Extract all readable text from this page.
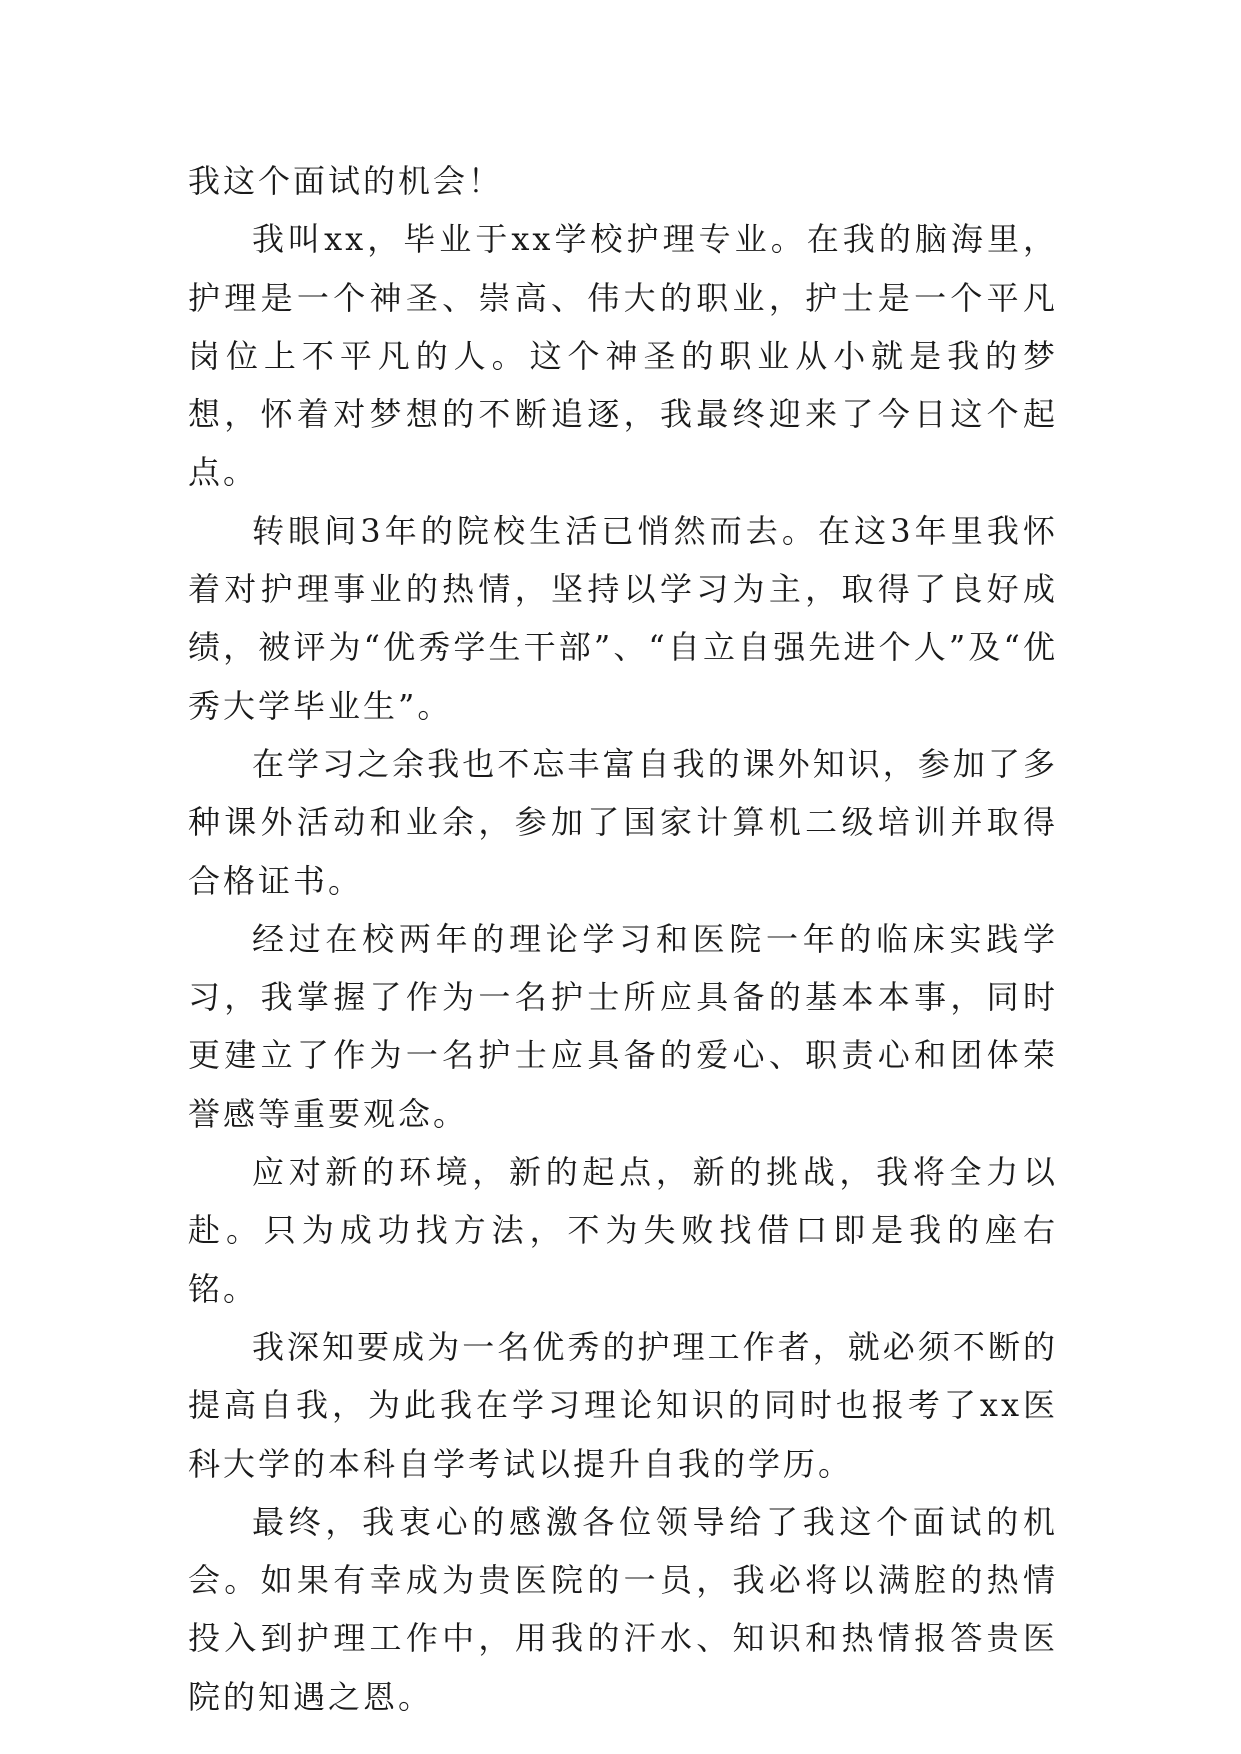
我这个面试的机会！

我叫xx，毕业于xx学校护理专业。在我的脑海里，护理是一个神圣、崇高、伟大的职业，护士是一个平凡岗位上不平凡的人。这个神圣的职业从小就是我的梦想，怀着对梦想的不断追逐，我最终迎来了今日这个起点。

转眼间3年的院校生活已悄然而去。在这3年里我怀着对护理事业的热情，坚持以学习为主，取得了良好成绩，被评为“优秀学生干部”、“自立自强先进个人”及“优秀大学毕业生”。

在学习之余我也不忘丰富自我的课外知识，参加了多种课外活动和业余，参加了国家计算机二级培训并取得合格证书。

经过在校两年的理论学习和医院一年的临床实践学习，我掌握了作为一名护士所应具备的基本本事，同时更建立了作为一名护士应具备的爱心、职责心和团体荣誉感等重要观念。

应对新的环境，新的起点，新的挑战，我将全力以赴。只为成功找方法，不为失败找借口即是我的座右铭。

我深知要成为一名优秀的护理工作者，就必须不断的提高自我，为此我在学习理论知识的同时也报考了xx医科大学的本科自学考试以提升自我的学历。

最终，我衷心的感激各位领导给了我这个面试的机会。如果有幸成为贵医院的一员，我必将以满腔的热情投入到护理工作中，用我的汗水、知识和热情报答贵医院的知遇之恩。
